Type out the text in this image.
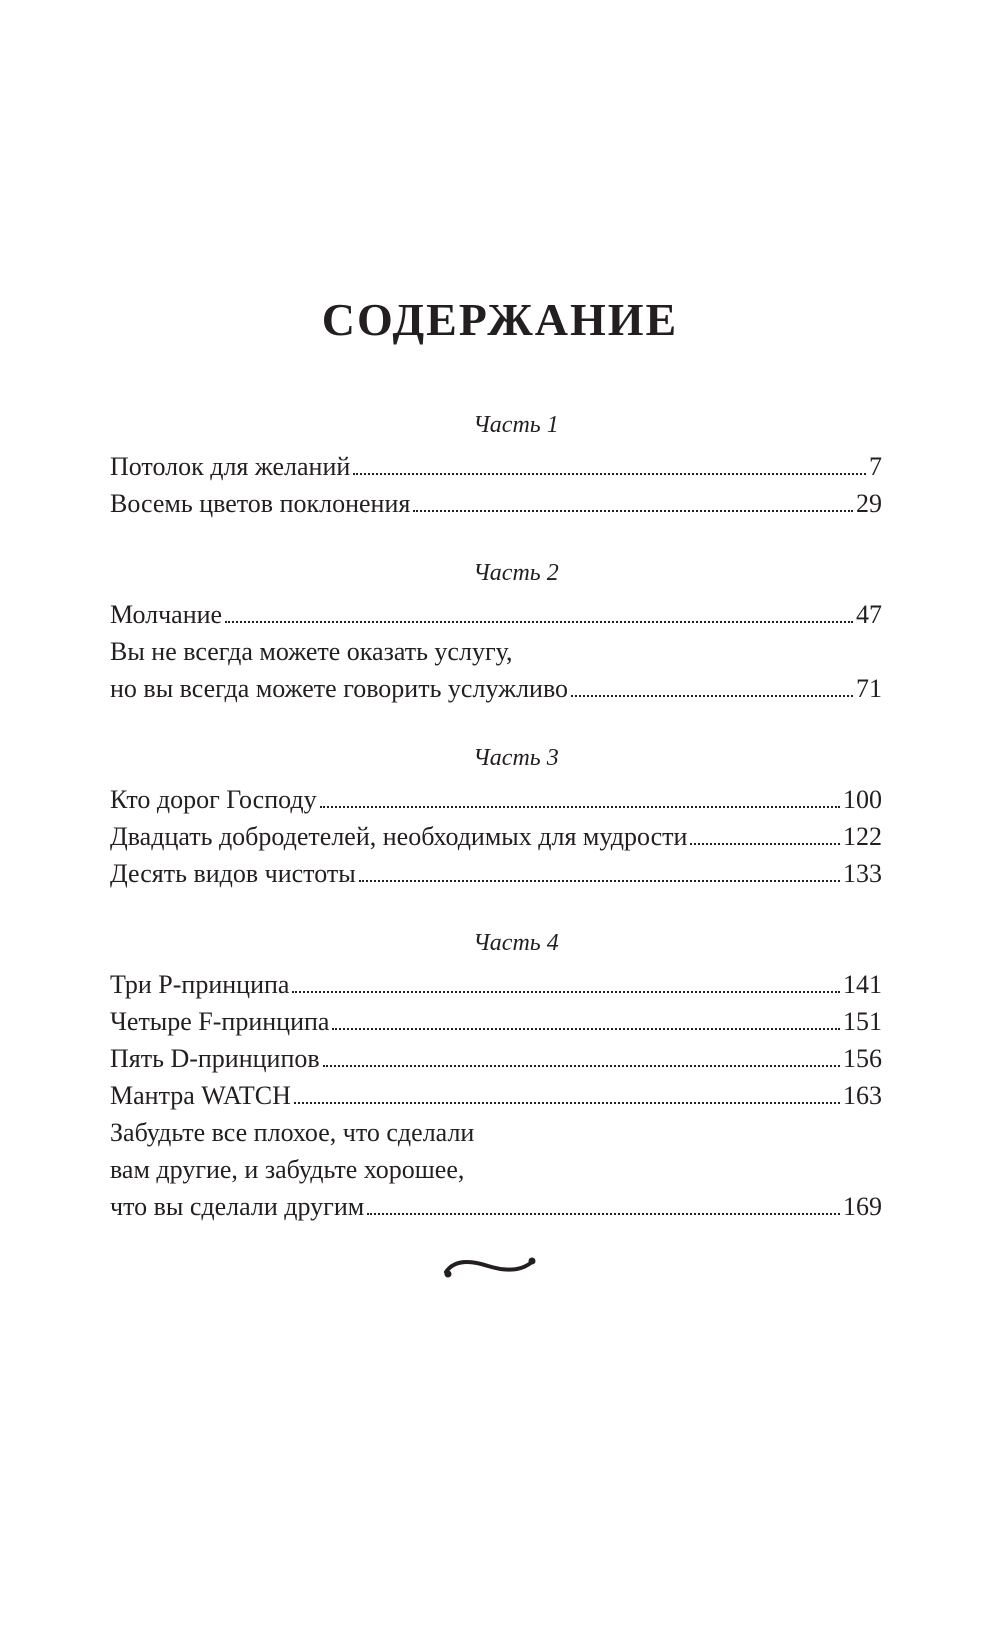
СОДЕРЖАНИЕ
Часть 1
Потолок для желаний	7
Восемь цветов поклонения	29
Часть 2
Молчание	47
Вы не всегда можете оказать услугу,
но вы всегда можете говорить услужливо	71
Часть 3
Кто дорог Господу	100
Двадцать добродетелей, необходимых для мудрости	122
Десять видов чистоты	133
Часть 4
Три P-принципа	141
Четыре F-принципа	151
Пять D-принципов	156
Мантра WATCH	163
Забудьте все плохое, что сделали
вам другие, и забудьте хорошее,
что вы сделали другим	169
